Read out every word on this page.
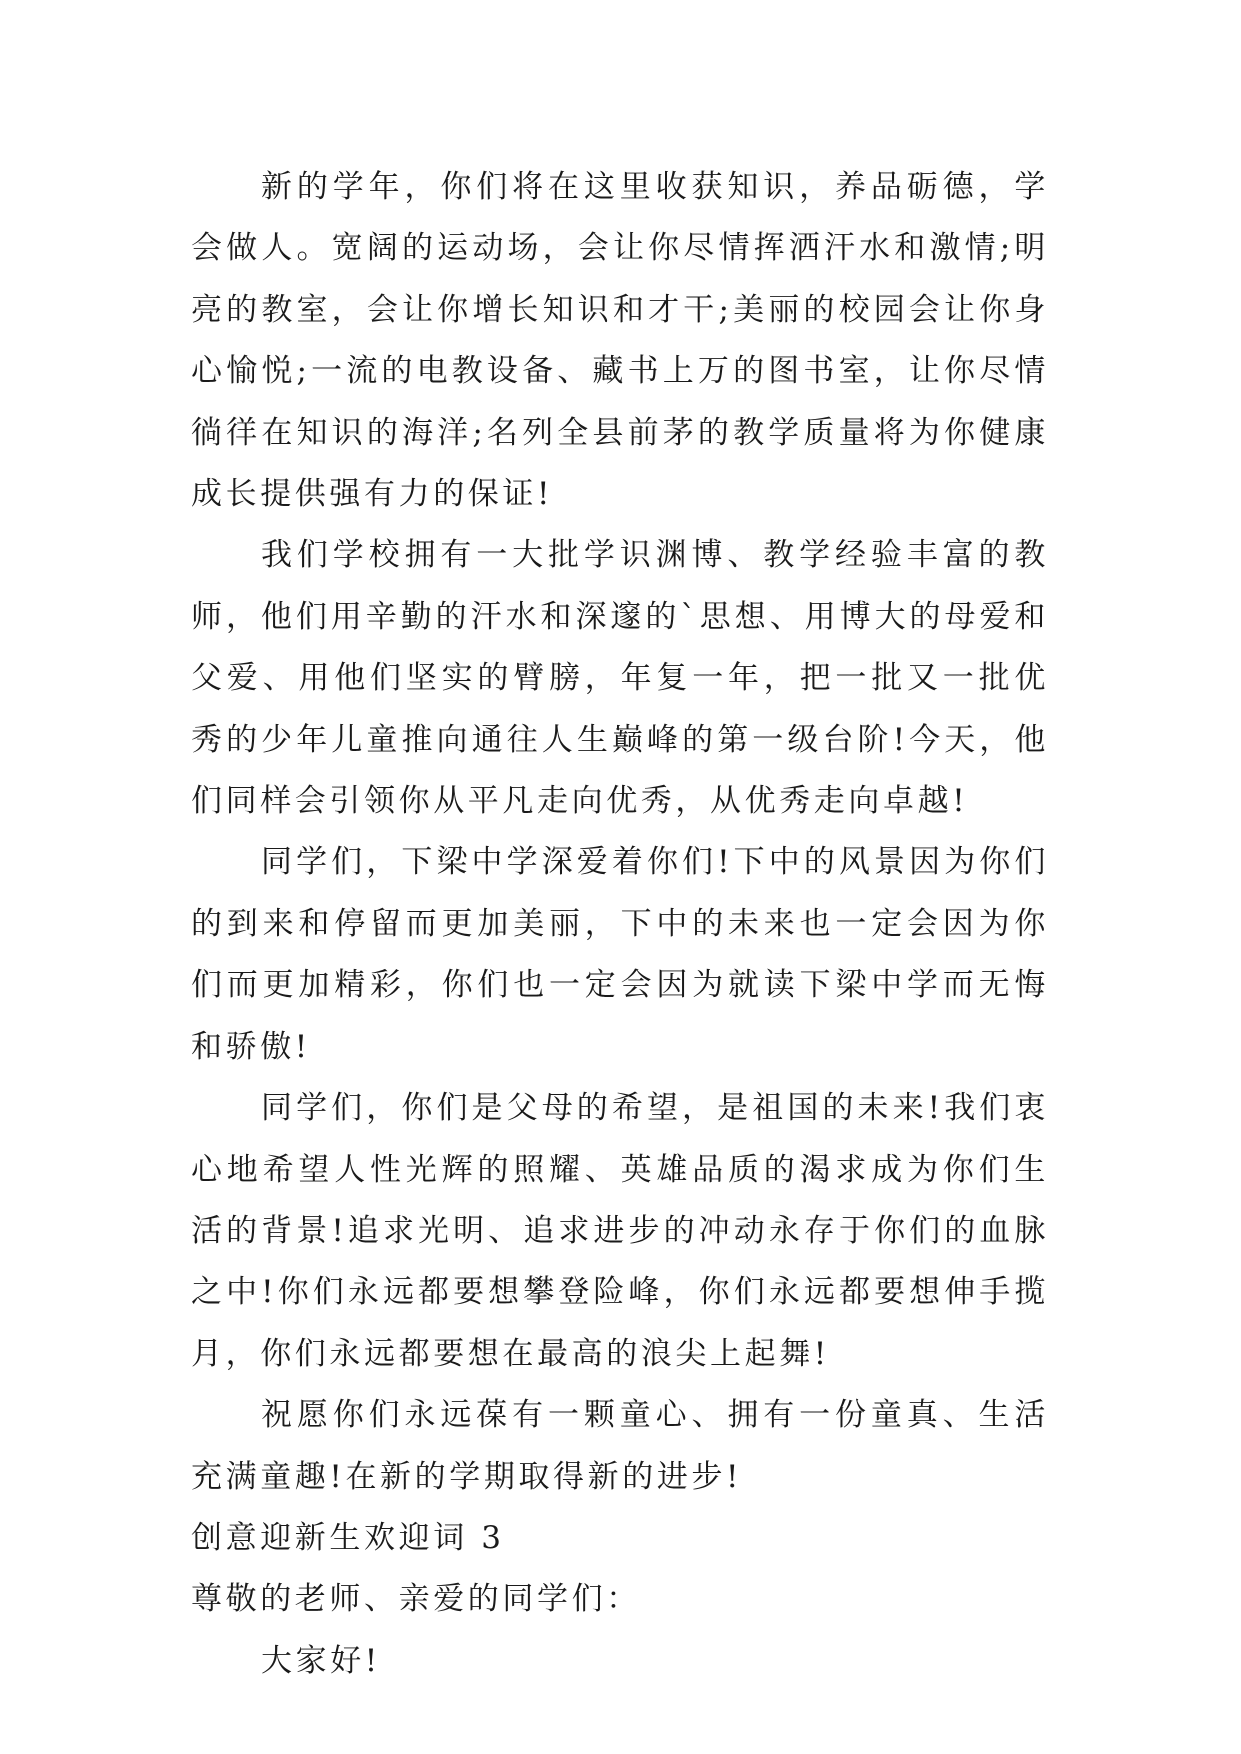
新的学年，你们将在这里收获知识，养品砺德，学会做人。宽阔的运动场，会让你尽情挥洒汗水和激情;明亮的教室，会让你增长知识和才干;美丽的校园会让你身心愉悦;一流的电教设备、藏书上万的图书室，让你尽情徜徉在知识的海洋;名列全县前茅的教学质量将为你健康成长提供强有力的保证!

我们学校拥有一大批学识渊博、教学经验丰富的教师，他们用辛勤的汗水和深邃的`思想、用博大的母爱和父爱、用他们坚实的臂膀，年复一年，把一批又一批优秀的少年儿童推向通往人生巅峰的第一级台阶!今天，他们同样会引领你从平凡走向优秀，从优秀走向卓越!

同学们，下梁中学深爱着你们!下中的风景因为你们的到来和停留而更加美丽，下中的未来也一定会因为你们而更加精彩，你们也一定会因为就读下梁中学而无悔和骄傲!

同学们，你们是父母的希望，是祖国的未来!我们衷心地希望人性光辉的照耀、英雄品质的渴求成为你们生活的背景!追求光明、追求进步的冲动永存于你们的血脉之中!你们永远都要想攀登险峰，你们永远都要想伸手揽月，你们永远都要想在最高的浪尖上起舞!

祝愿你们永远葆有一颗童心、拥有一份童真、生活充满童趣!在新的学期取得新的进步!

创意迎新生欢迎词 3

尊敬的老师、亲爱的同学们：

大家好!
